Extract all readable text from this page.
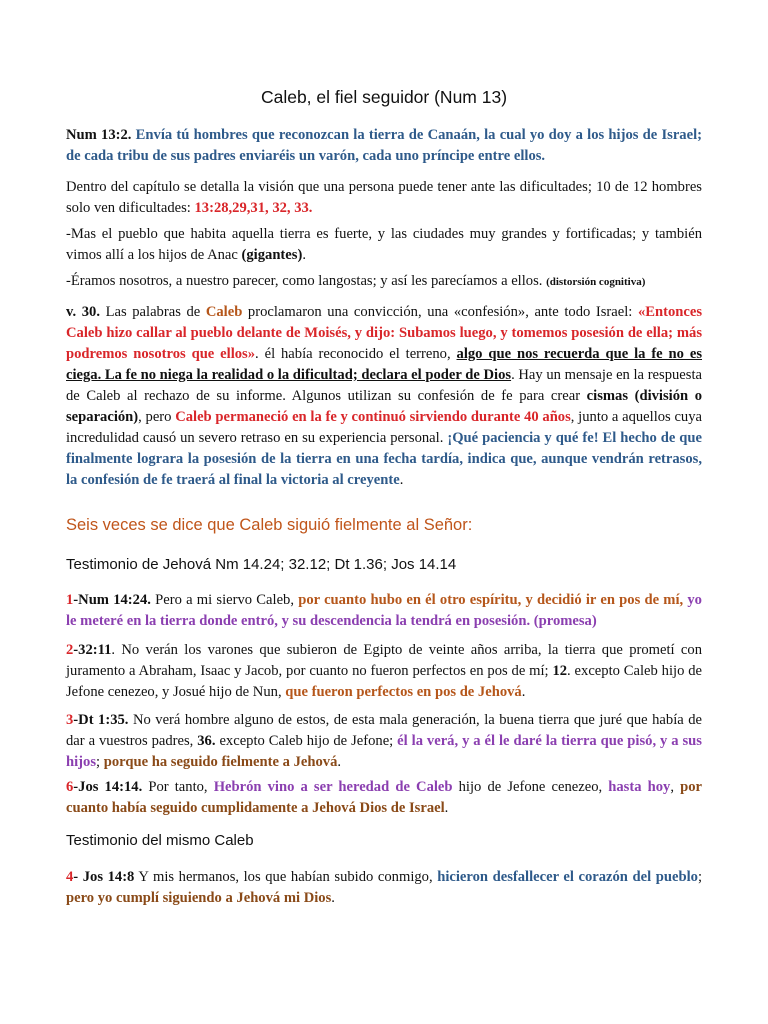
Caleb, el fiel seguidor (Num 13)

Num 13:2. Envía tú hombres que reconozcan la tierra de Canaán, la cual yo doy a los hijos de Israel; de cada tribu de sus padres enviaréis un varón, cada uno príncipe entre ellos.

Dentro del capítulo se detalla la visión que una persona puede tener ante las dificultades; 10 de 12 hombres solo ven dificultades: 13:28,29,31, 32, 33.

-Mas el pueblo que habita aquella tierra es fuerte, y las ciudades muy grandes y fortificadas; y también vimos allí a los hijos de Anac (gigantes).

-Éramos nosotros, a nuestro parecer, como langostas; y así les parecíamos a ellos. (distorsión cognitiva)

v. 30. Las palabras de Caleb proclamaron una convicción, una «confesión», ante todo Israel: «Entonces Caleb hizo callar al pueblo delante de Moisés, y dijo: Subamos luego, y tomemos posesión de ella; más podremos nosotros que ellos». él había reconocido el terreno, algo que nos recuerda que la fe no es ciega. La fe no niega la realidad o la dificultad; declara el poder de Dios. Hay un mensaje en la respuesta de Caleb al rechazo de su informe. Algunos utilizan su confesión de fe para crear cismas (división o separación), pero Caleb permaneció en la fe y continuó sirviendo durante 40 años, junto a aquellos cuya incredulidad causó un severo retraso en su experiencia personal. ¡Qué paciencia y qué fe! El hecho de que finalmente lograra la posesión de la tierra en una fecha tardía, indica que, aunque vendrán retrasos, la confesión de fe traerá al final la victoria al creyente.

Seis veces se dice que Caleb siguió fielmente al Señor:
Testimonio de Jehová Nm 14.24; 32.12; Dt 1.36; Jos 14.14

1-Num 14:24. Pero a mi siervo Caleb, por cuanto hubo en él otro espíritu, y decidió ir en pos de mí, yo le meteré en la tierra donde entró, y su descendencia la tendrá en posesión. (promesa)

2-32:11. No verán los varones que subieron de Egipto de veinte años arriba, la tierra que prometí con juramento a Abraham, Isaac y Jacob, por cuanto no fueron perfectos en pos de mí; 12. excepto Caleb hijo de Jefone cenezeo, y Josué hijo de Nun, que fueron perfectos en pos de Jehová.

3-Dt 1:35. No verá hombre alguno de estos, de esta mala generación, la buena tierra que juré que había de dar a vuestros padres, 36. excepto Caleb hijo de Jefone; él la verá, y a él le daré la tierra que pisó, y a sus hijos; porque ha seguido fielmente a Jehová.

6-Jos 14:14. Por tanto, Hebrón vino a ser heredad de Caleb hijo de Jefone cenezeo, hasta hoy, por cuanto había seguido cumplidamente a Jehová Dios de Israel.

Testimonio del mismo Caleb

4- Jos 14:8 Y mis hermanos, los que habían subido conmigo, hicieron desfallecer el corazón del pueblo; pero yo cumplí siguiendo a Jehová mi Dios.
